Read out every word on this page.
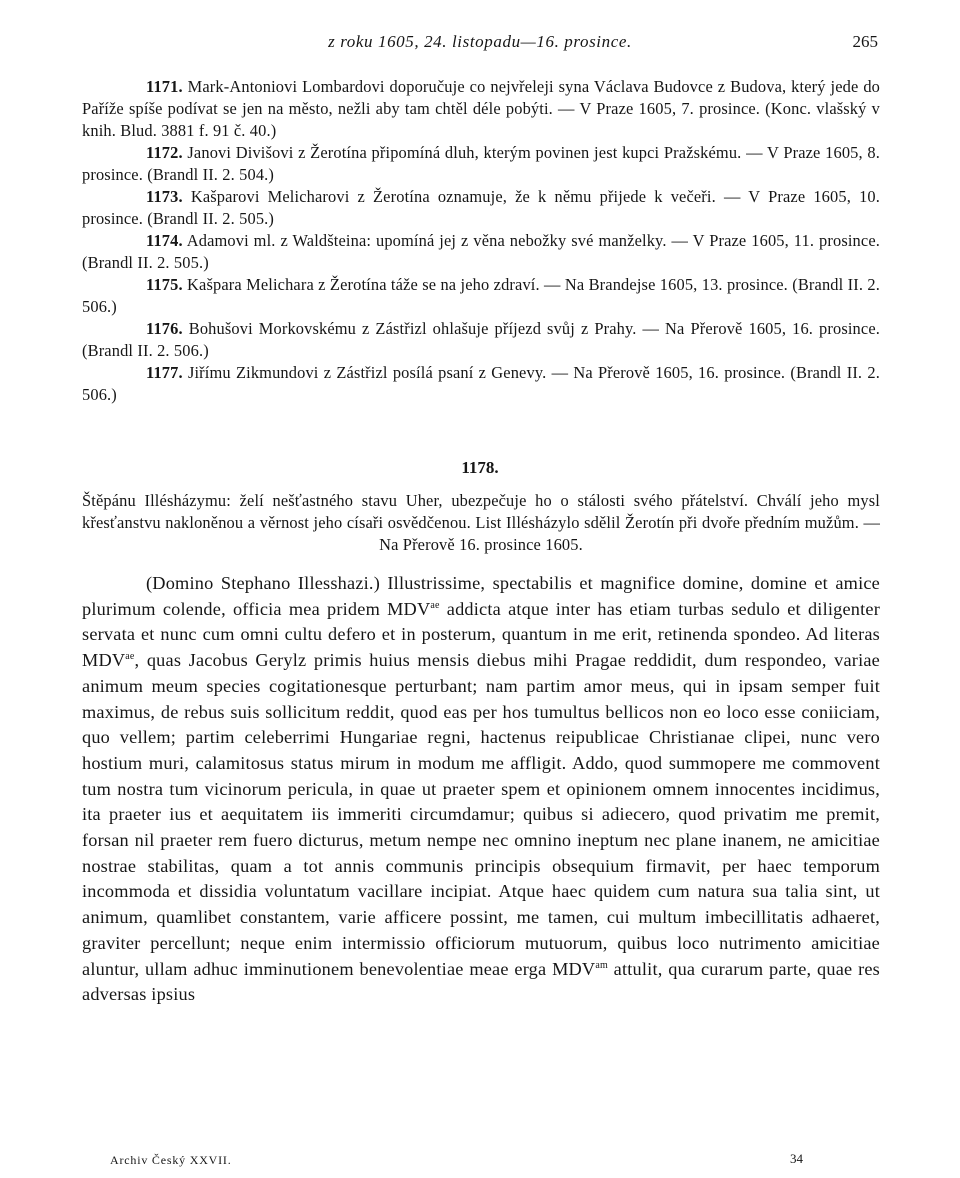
z roku 1605, 24. listopadu—16. prosince.	265

1171. Mark-Antoniovi Lombardovi doporučuje co nejvřeleji syna Václava Budovce z Budova, který jede do Paříže spíše podívat se jen na město, nežli aby tam chtěl déle pobýti. — V Praze 1605, 7. prosince. (Konc. vlašský v knih. Blud. 3881 f. 91 č. 40.)

1172. Janovi Divišovi z Žerotína připomíná dluh, kterým povinen jest kupci Pražskému. — V Praze 1605, 8. prosince. (Brandl II. 2. 504.)

1173. Kašparovi Melicharovi z Žerotína oznamuje, že k němu přijede k večeři. — V Praze 1605, 10. prosince. (Brandl II. 2. 505.)

1174. Adamovi ml. z Waldšteina: upomíná jej z věna nebožky své manželky. — V Praze 1605, 11. prosince. (Brandl II. 2. 505.)

1175. Kašpara Melichara z Žerotína táže se na jeho zdraví. — Na Brandejse 1605, 13. prosince. (Brandl II. 2. 506.)

1176. Bohušovi Morkovskému z Zástřizl ohlašuje příjezd svůj z Prahy. — Na Přerově 1605, 16. prosince. (Brandl II. 2. 506.)

1177. Jiřímu Zikmundovi z Zástřizl posílá psaní z Genevy. — Na Přerově 1605, 16. prosince. (Brandl II. 2. 506.)

1178.
Štěpánu Illésházymu: želí nešťastného stavu Uher, ubezpečuje ho o stálosti svého přátelství. Chválí jeho mysl křesťanstvu nakloněnou a věrnost jeho císaři osvědčenou. List Illésházylo sdělil Žerotín při dvoře předním mužům. — Na Přerově 16. prosince 1605.
(Domino Stephano Illesshazi.) Illustrissime, spectabilis et magnifice domine, domine et amice plurimum colende, officia mea pridem $MDV^{ae}$ addicta atque inter has etiam turbas sedulo et diligenter servata et nunc cum omni cultu defero et in posterum, quantum in me erit, retinenda spondeo. Ad literas $MDV^{ae}$, quas Jacobus Gerylz primis huius mensis diebus mihi Pragae reddidit, dum respondeo, variae animum meum species cogitationesque perturbant; nam partim amor meus, qui in ipsam semper fuit maximus, de rebus suis sollicitum reddit, quod eas per hos tumultus bellicos non eo loco esse coniiciam, quo vellem; partim celeberrimi Hungariae regni, hactenus reipublicae Christianae clipei, nunc vero hostium muri, calamitosus status mirum in modum me affligit. Addo, quod summopere me commovent tum nostra tum vicinorum pericula, in quae ut praeter spem et opinionem omnem innocentes incidimus, ita praeter ius et aequitatem iis immeriti circumdamur; quibus si adiecero, quod privatim me premit, forsan nil praeter rem fuero dicturus, metum nempe nec omnino ineptum nec plane inanem, ne amicitiae nostrae stabilitas, quam a tot annis communis principis obsequium firmavit, per haec temporum incommoda et dissidia voluntatum vacillare incipiat. Atque haec quidem cum natura sua talia sint, ut animum, quamlibet constantem, varie afficere possint, me tamen, cui multum imbecillitatis adhaeret, graviter percellunt; neque enim intermissio officiorum mutuorum, quibus loco nutrimento amicitiae aluntur, ullam adhuc imminutionem benevolentiae meae erga $MDV^{am}$ attulit, qua curarum parte, quae res adversas ipsius
Archiv Český XXVII.	34
